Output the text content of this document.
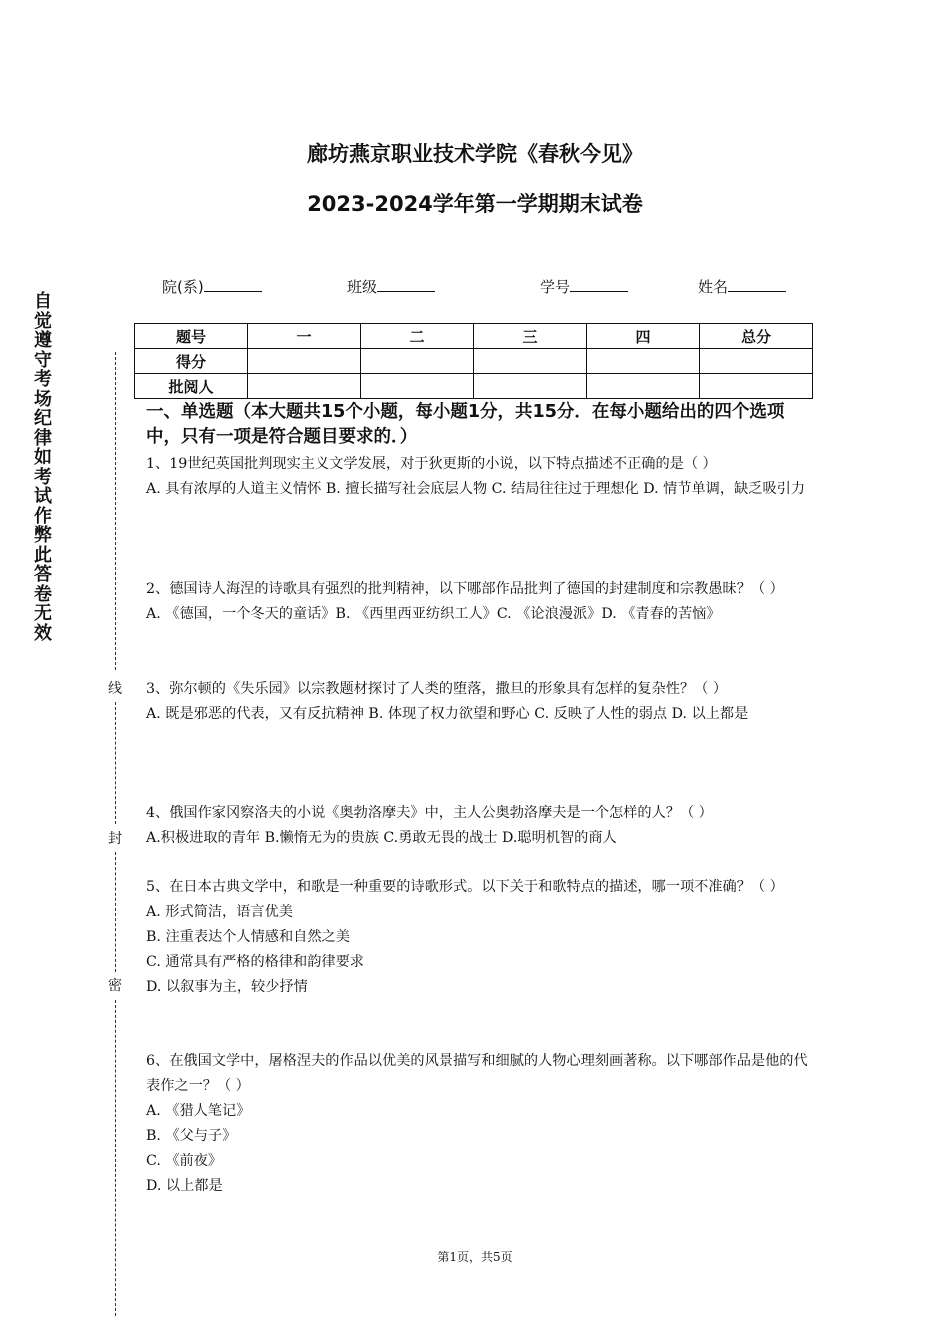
廊坊燕京职业技术学院《春秋今见》
2023-2024学年第一学期期末试卷
院(系)	班级	学号	姓名
题号	一	二	三	四	总分
得分					
批阅人					
自觉遵守考场纪律如考试作弊此答卷无效
线
封
密
一、单选题（本大题共15个小题，每小题1分，共15分．在每小题给出的四个选项中，只有一项是符合题目要求的．）

1、19世纪英国批判现实主义文学发展，对于狄更斯的小说，以下特点描述不正确的是（ ）

A. 具有浓厚的人道主义情怀 B. 擅长描写社会底层人物 C. 结局往往过于理想化 D. 情节单调，缺乏吸引力

2、德国诗人海涅的诗歌具有强烈的批判精神，以下哪部作品批判了德国的封建制度和宗教愚昧？（ ）

A. 《德国，一个冬天的童话》B. 《西里西亚纺织工人》C. 《论浪漫派》D. 《青春的苦恼》

3、弥尔顿的《失乐园》以宗教题材探讨了人类的堕落，撒旦的形象具有怎样的复杂性？（ ）

A. 既是邪恶的代表，又有反抗精神 B. 体现了权力欲望和野心 C. 反映了人性的弱点 D. 以上都是

4、俄国作家冈察洛夫的小说《奥勃洛摩夫》中，主人公奥勃洛摩夫是一个怎样的人？（ ）

A.积极进取的青年 B.懒惰无为的贵族 C.勇敢无畏的战士 D.聪明机智的商人

5、在日本古典文学中，和歌是一种重要的诗歌形式。以下关于和歌特点的描述，哪一项不准确？（ ）

A. 形式简洁，语言优美

B. 注重表达个人情感和自然之美

C. 通常具有严格的格律和韵律要求

D. 以叙事为主，较少抒情

6、在俄国文学中，屠格涅夫的作品以优美的风景描写和细腻的人物心理刻画著称。以下哪部作品是他的代表作之一？（ ）

A. 《猎人笔记》

B. 《父与子》

C. 《前夜》

D. 以上都是

第1页，共5页
